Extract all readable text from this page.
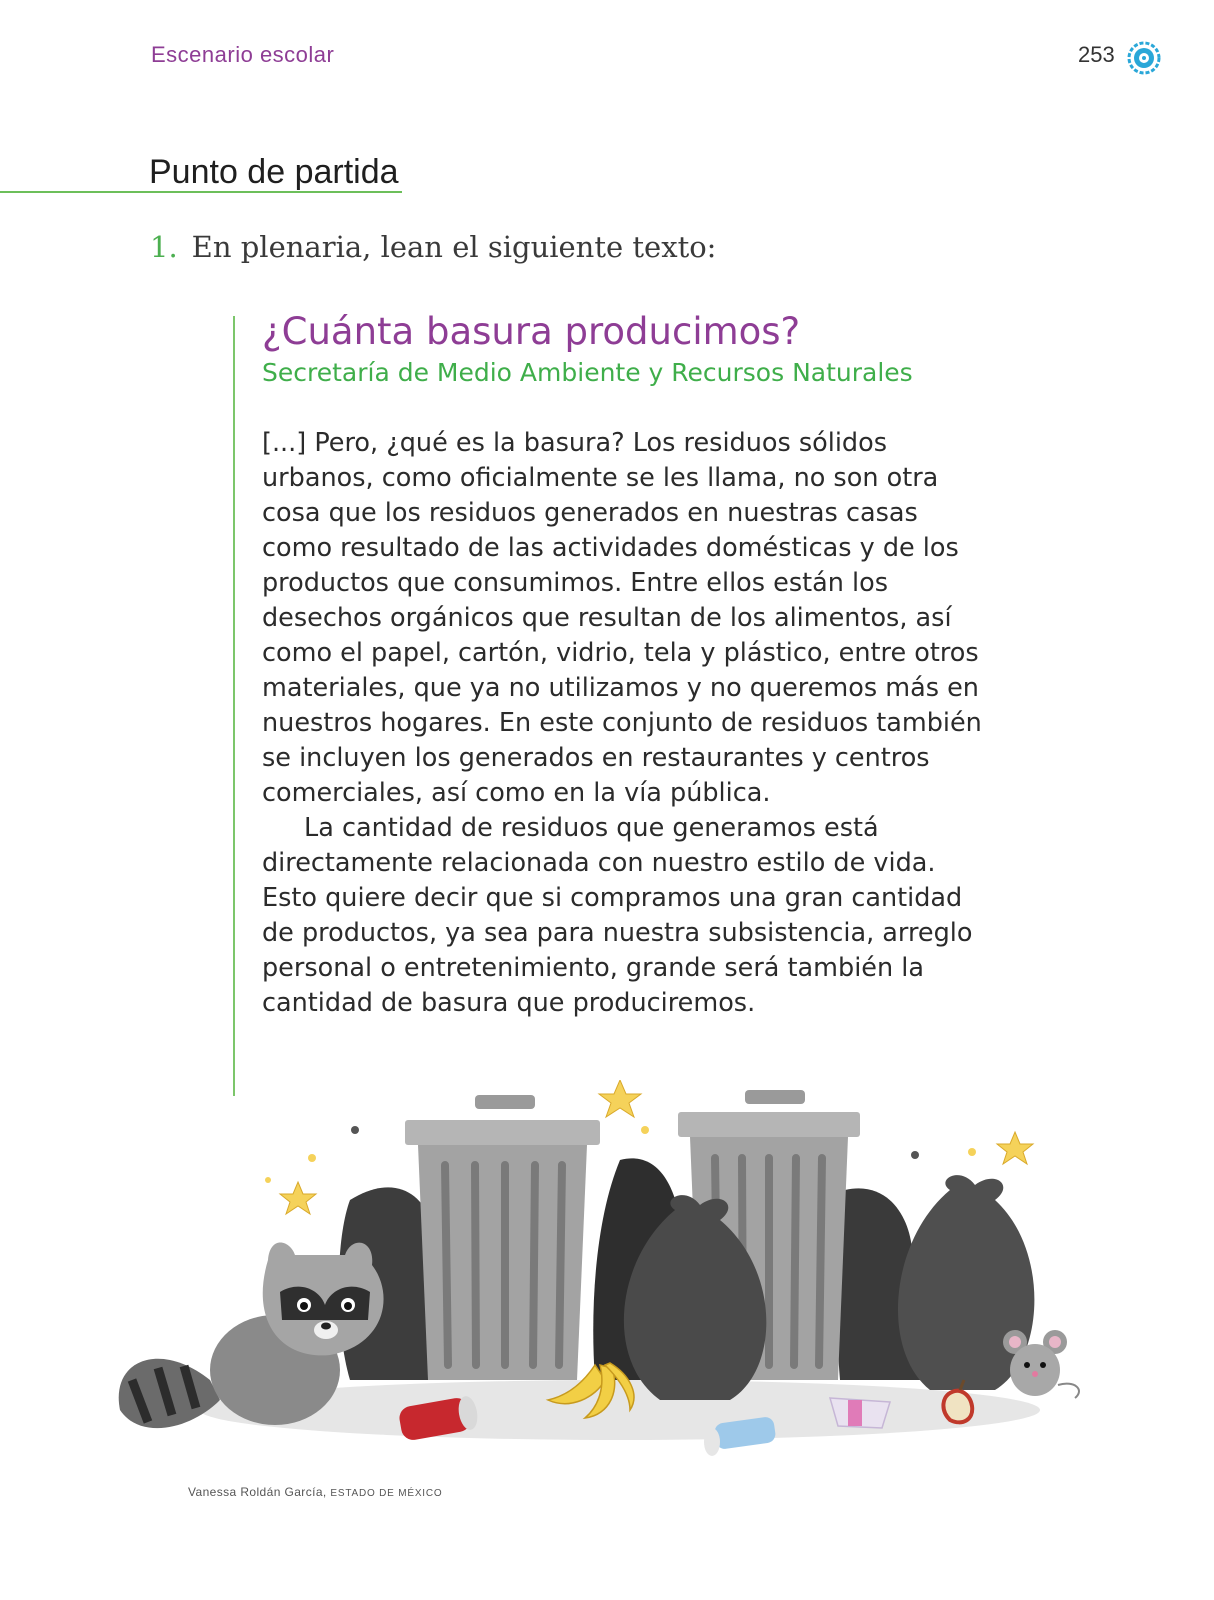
Escenario escolar	253
Punto de partida
1. En plenaria, lean el siguiente texto:
¿Cuánta basura producimos?
Secretaría de Medio Ambiente y Recursos Naturales

[...] Pero, ¿qué es la basura? Los residuos sólidos urbanos, como oficialmente se les llama, no son otra cosa que los residuos generados en nuestras casas como resultado de las actividades domésticas y de los productos que consumimos. Entre ellos están los desechos orgánicos que resultan de los alimentos, así como el papel, cartón, vidrio, tela y plástico, entre otros materiales, que ya no utilizamos y no queremos más en nuestros hogares. En este conjunto de residuos también se incluyen los generados en restaurantes y centros comerciales, así como en la vía pública.

La cantidad de residuos que generamos está directamente relacionada con nuestro estilo de vida. Esto quiere decir que si compramos una gran cantidad de productos, ya sea para nuestra subsistencia, arreglo personal o entretenimiento, grande será también la cantidad de basura que produciremos.

Vanessa Roldán García, ESTADO DE MÉXICO
